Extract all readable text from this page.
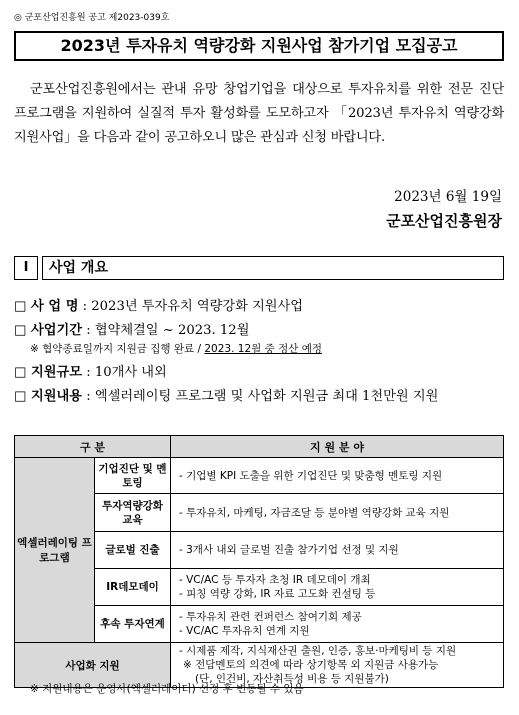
◎ 군포산업진흥원 공고 제2023-039호
2023년 투자유치 역량강화 지원사업 참가기업 모집공고
군포산업진흥원에서는 관내 유망 창업기업을 대상으로 투자유치를 위한 전문 진단 프로그램을 지원하여 실질적 투자 활성화를 도모하고자 「2023년 투자유치 역량강화 지원사업」을 다음과 같이 공고하오니 많은 관심과 신청 바랍니다.
2023년 6월 19일
군포산업진흥원장
Ⅰ	사업 개요
□ 사 업 명 : 2023년 투자유치 역량강화 지원사업
□ 사업기간 : 협약체결일 ~ 2023. 12월
※ 협약종료일까지 지원금 집행 완료 / 2023. 12월 중 정산 예정
□ 지원규모 : 10개사 내외
□ 지원내용 : 엑셀러레이팅 프로그램 및 사업화 지원금 최대 1천만원 지원
구 분		지 원 분 야
엑셀러레이팅 프로그램	기업진단 및 멘토링	- 기업별 KPI 도출을 위한 기업진단 및 맞춤형 멘토링 지원

	투자역량강화 교육	- 투자유치, 마케팅, 자금조달 등 분야별 역량강화 교육 지원

	글로벌 진출	- 3개사 내외 글로벌 진출 참가기업 선정 및 지원

	IR데모데이	- VC/AC 등 투자자 초청 IR 데모데이 개최
- 피칭 역량 강화, IR 자료 고도화 컨설팅 등

	후속 투자연계	- 투자유치 관련 컨퍼런스 참여기회 제공
- VC/AC 투자유치 연계 지원

사업화 지원		- 시제품 제작, 지식재산권 출원, 인증, 홍보·마케팅비 등 지원
※ 전담멘토의 의견에 따라 상기항목 외 지원금 사용가능
(단, 인건비, 자산취득성 비용 등 지원불가)
※ 지원내용은 운영사(엑셀러레이터) 선정 후 변동될 수 있음
